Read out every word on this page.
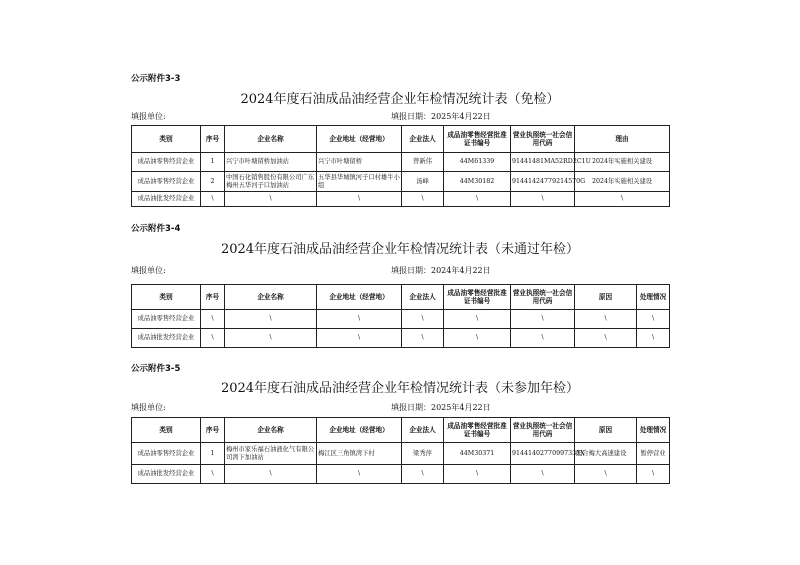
公示附件3-3
2024年度石油成品油经营企业年检情况统计表（免检）
填报单位:	填报日期：2025年4月22日
类别	序号	企业名称	企业地址（经营地）	企业法人	成品油零售经营批准证书编号	营业执照统一社会信用代码	理由
成品油零售经营企业	1	兴宁市叶塘留桥加油站	兴宁市叶塘留桥	曾新伟	44M61339	91441481MA52RD2C1U	2024年实施相关建设
成品油零售经营企业	2	中国石化销售股份有限公司广东梅州五华河子口加油站	五华县华城镇河子口村雄牛小组	汤峰	44M30182	91441424779214570G	2024年实施相关建设
成品油批发经营企业	\	\	\	\	\	\	\
公示附件3-4
2024年度石油成品油经营企业年检情况统计表（未通过年检）
填报单位:	填报日期：2024年4月22日
类别	序号	企业名称	企业地址（经营地）	企业法人	成品油零售经营批准证书编号	营业执照统一社会信用代码	原因	处理情况
成品油零售经营企业	\	\	\	\	\	\	\	\
成品油批发经营企业	\	\	\	\	\	\	\	\
公示附件3-5
2024年度石油成品油经营企业年检情况统计表（未参加年检）
填报单位:	填报日期：2025年4月22日
类别	序号	企业名称	企业地址（经营地）	企业法人	成品油零售经营批准证书编号	营业执照统一社会信用代码	原因	处理情况
成品油零售经营企业	1	梅州市家乐福石油液化气有限公司湾下加油站	梅江区三角镇湾下村	梁秀萍	44M30371	91441402770997337X	配合梅大高速建设	暂停营业
成品油批发经营企业	\	\	\	\	\	\	\	\
